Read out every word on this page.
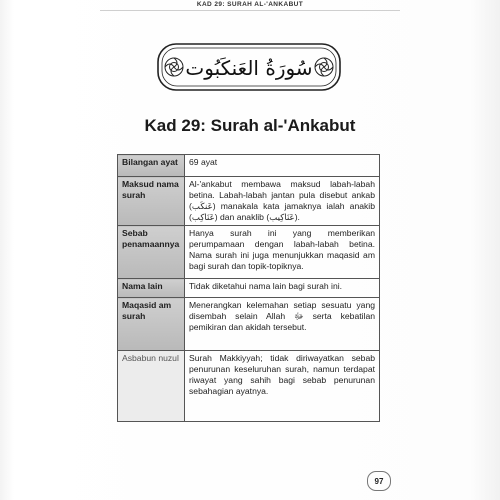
KAD 29: SURAH AL-'ANKABUT
سُورَةُ العَنكَبُوت
Kad 29: Surah al-'Ankabut
Bilangan ayat	69 ayat
Maksud nama surah	Al-'ankabut membawa maksud labah-labah betina. Labah-labah jantan pula disebut ankab (عَنكَب) manakala kata jamaknya ialah anakib (عَنَاكِب) dan anaklib (عَنَاكِيب).
Sebab penamaannya	Hanya surah ini yang memberikan perumpamaan dengan labah-labah betina. Nama surah ini juga menunjukkan maqasid am bagi surah dan topik-topiknya.
Nama lain	Tidak diketahui nama lain bagi surah ini.
Maqasid am surah	Menerangkan kelemahan setiap sesuatu yang disembah selain Allah ﷻ serta kebatilan pemikiran dan akidah tersebut.
Asbabun nuzul	Surah Makkiyyah; tidak diriwayatkan sebab penurunan keseluruhan surah, namun terdapat riwayat yang sahih bagi sebab penurunan sebahagian ayatnya.
97
